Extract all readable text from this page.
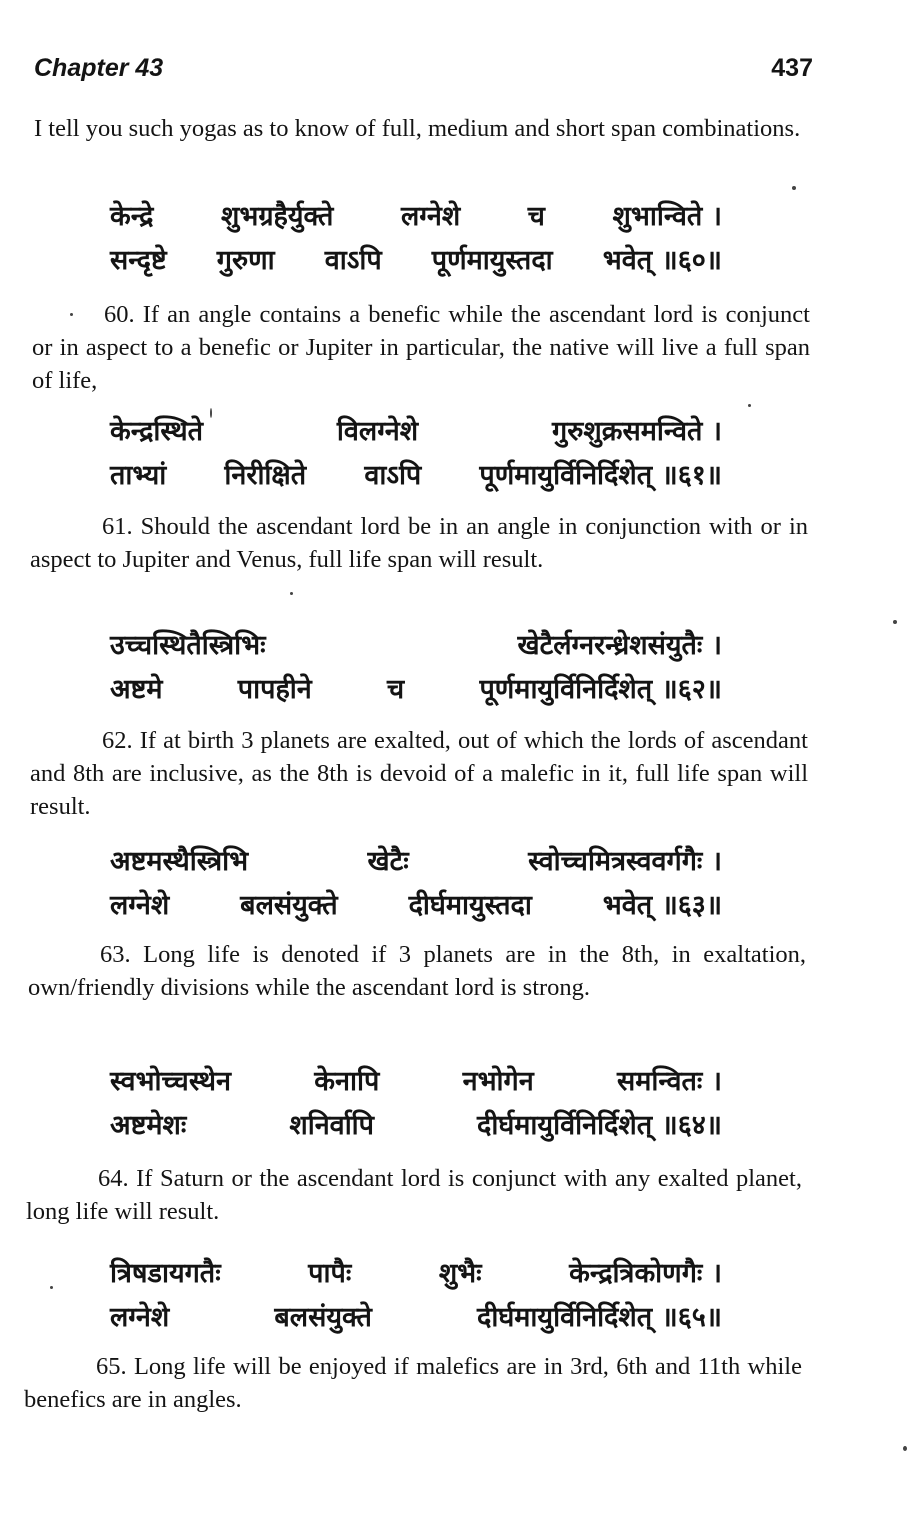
Chapter 43	437

I tell you such yogas as to know of full, medium and short span combinations.

केन्द्रे	शुभग्रहैर्युक्ते	लग्नेशे	च	शुभान्विते ।
सन्दृष्टे गुरुणा वाऽपि पूर्णमायुस्तदा भवेत् ॥६०॥

60. If an angle contains a benefic while the ascendant lord is conjunct or in aspect to a benefic or Jupiter in particular, the native will live a full span of life,

केन्द्रस्थिते	विलग्नेशे	गुरुशुक्रसमन्विते ।
ताभ्यां निरीक्षिते वाऽपि पूर्णमायुर्विनिर्दिशेत् ॥६१॥

61. Should the ascendant lord be in an angle in conjunction with or in aspect to Jupiter and Venus, full life span will result.

उच्चस्थितैस्त्रिभिः	खेटैर्लग्नरन्ध्रेशसंयुतैः ।
अष्टमे	पापहीने	च	पूर्णमायुर्विनिर्दिशेत् ॥६२॥

62. If at birth 3 planets are exalted, out of which the lords of ascendant and 8th are inclusive, as the 8th is devoid of a malefic in it, full life span will result.

अष्टमस्थैस्त्रिभि	खेटैः	स्वोच्चमित्रस्ववर्गगैः ।
लग्नेशे	बलसंयुक्ते	दीर्घमायुस्तदा	भवेत् ॥६३॥

63. Long life is denoted if 3 planets are in the 8th, in exaltation, own/friendly divisions while the ascendant lord is strong.

स्वभोच्चस्थेन	केनापि	नभोगेन	समन्वितः ।
अष्टमेशः	शनिर्वापि	दीर्घमायुर्विनिर्दिशेत् ॥६४॥

64. If Saturn or the ascendant lord is conjunct with any exalted planet, long life will result.

त्रिषडायगतैः	पापैः	शुभैः	केन्द्रत्रिकोणगैः ।
लग्नेशे	बलसंयुक्ते	दीर्घमायुर्विनिर्दिशेत् ॥६५॥

65. Long life will be enjoyed if malefics are in 3rd, 6th and 11th while benefics are in angles.
